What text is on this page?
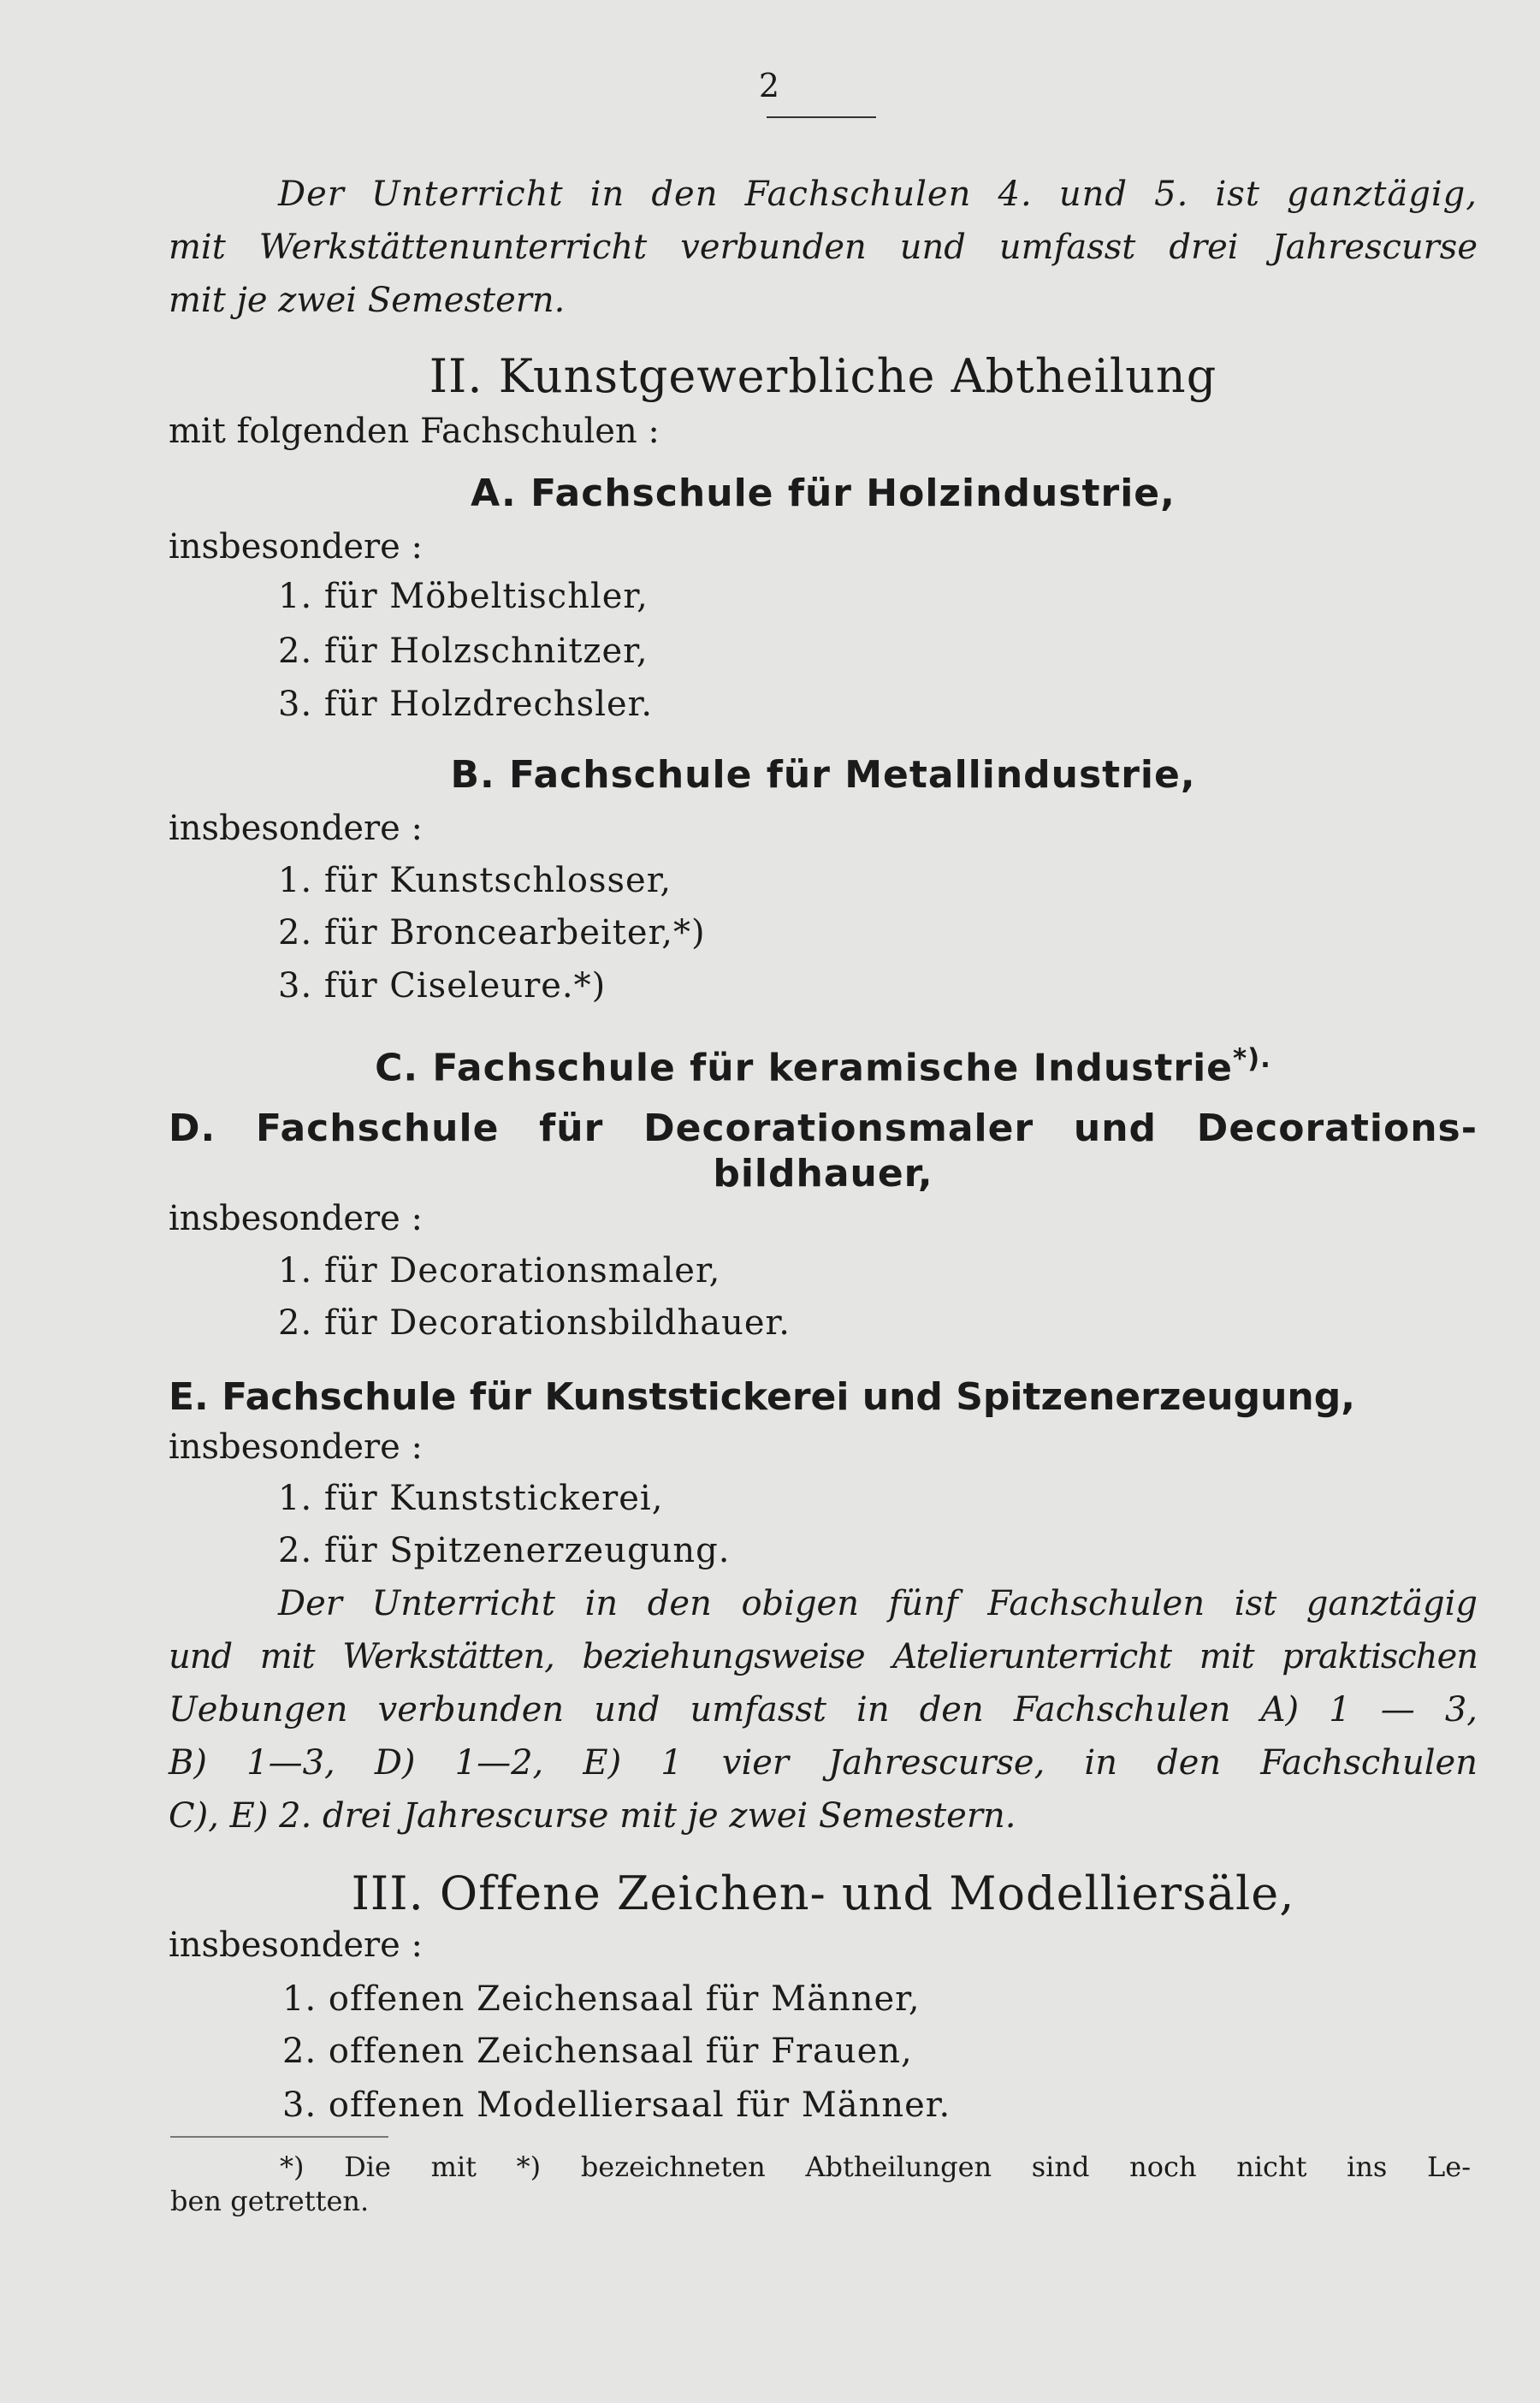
2
Der Unterricht in den Fachschulen 4. und 5. ist ganztägig,
mit Werkstättenunterricht verbunden und umfasst drei Jahrescurse
mit je zwei Semestern.
II. Kunstgewerbliche Abtheilung
mit folgenden Fachschulen :
A. Fachschule für Holzindustrie,
insbesondere :
1. für Möbeltischler,
2. für Holzschnitzer,
3. für Holzdrechsler.
B. Fachschule für Metallindustrie,
insbesondere :
1. für Kunstschlosser,
2. für Broncearbeiter,*)
3. für Ciseleure.*)
C. Fachschule für keramische Industrie*).
D. Fachschule für Decorationsmaler und Decorations-
bildhauer,
insbesondere :
1. für Decorationsmaler,
2. für Decorationsbildhauer.
E. Fachschule für Kunststickerei und Spitzenerzeugung,
insbesondere :
1. für Kunststickerei,
2. für Spitzenerzeugung.
Der Unterricht in den obigen fünf Fachschulen ist ganztägig
und mit Werkstätten, beziehungsweise Atelierunterricht mit praktischen
Uebungen verbunden und umfasst in den Fachschulen A) 1 — 3,
B) 1—3, D) 1—2, E) 1 vier Jahrescurse, in den Fachschulen
C), E) 2. drei Jahrescurse mit je zwei Semestern.
III. Offene Zeichen- und Modelliersäle,
insbesondere :
1. offenen Zeichensaal für Männer,
2. offenen Zeichensaal für Frauen,
3. offenen Modelliersaal für Männer.
*) Die mit *) bezeichneten Abtheilungen sind noch nicht ins Le-
ben getretten.
